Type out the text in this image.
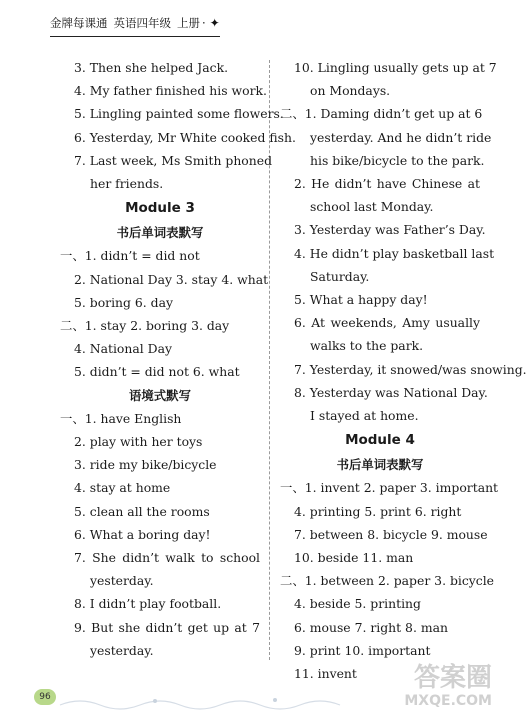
金牌每课通 英语四年级 上册 · ✦
3. Then she helped Jack.
4. My father finished his work.
5. Lingling painted some flowers.
6. Yesterday, Mr White cooked fish.
7. Last week, Ms Smith phoned
her friends.
Module 3
书后单词表默写
一、1. didn’t = did not
2. National Day 3. stay 4. what
5. boring 6. day
二、1. stay 2. boring 3. day
4. National Day
5. didn’t = did not 6. what
语境式默写
一、1. have English
2. play with her toys
3. ride my bike/bicycle
4. stay at home
5. clean all the rooms
6. What a boring day!
7. She didn’t walk to school
yesterday.
8. I didn’t play football.
9. But she didn’t get up at 7
yesterday.
10. Lingling usually gets up at 7
on Mondays.
二、1. Daming didn’t get up at 6
yesterday. And he didn’t ride
his bike/bicycle to the park.
2. He didn’t have Chinese at
school last Monday.
3. Yesterday was Father’s Day.
4. He didn’t play basketball last
Saturday.
5. What a happy day!
6. At weekends, Amy usually
walks to the park.
7. Yesterday, it snowed/was snowing.
8. Yesterday was National Day.
I stayed at home.
Module 4
书后单词表默写
一、1. invent 2. paper 3. important
4. printing 5. print 6. right
7. between 8. bicycle 9. mouse
10. beside 11. man
二、1. between 2. paper 3. bicycle
4. beside 5. printing
6. mouse 7. right 8. man
9. print 10. important
11. invent
96
答案圈
MXQE.COM
